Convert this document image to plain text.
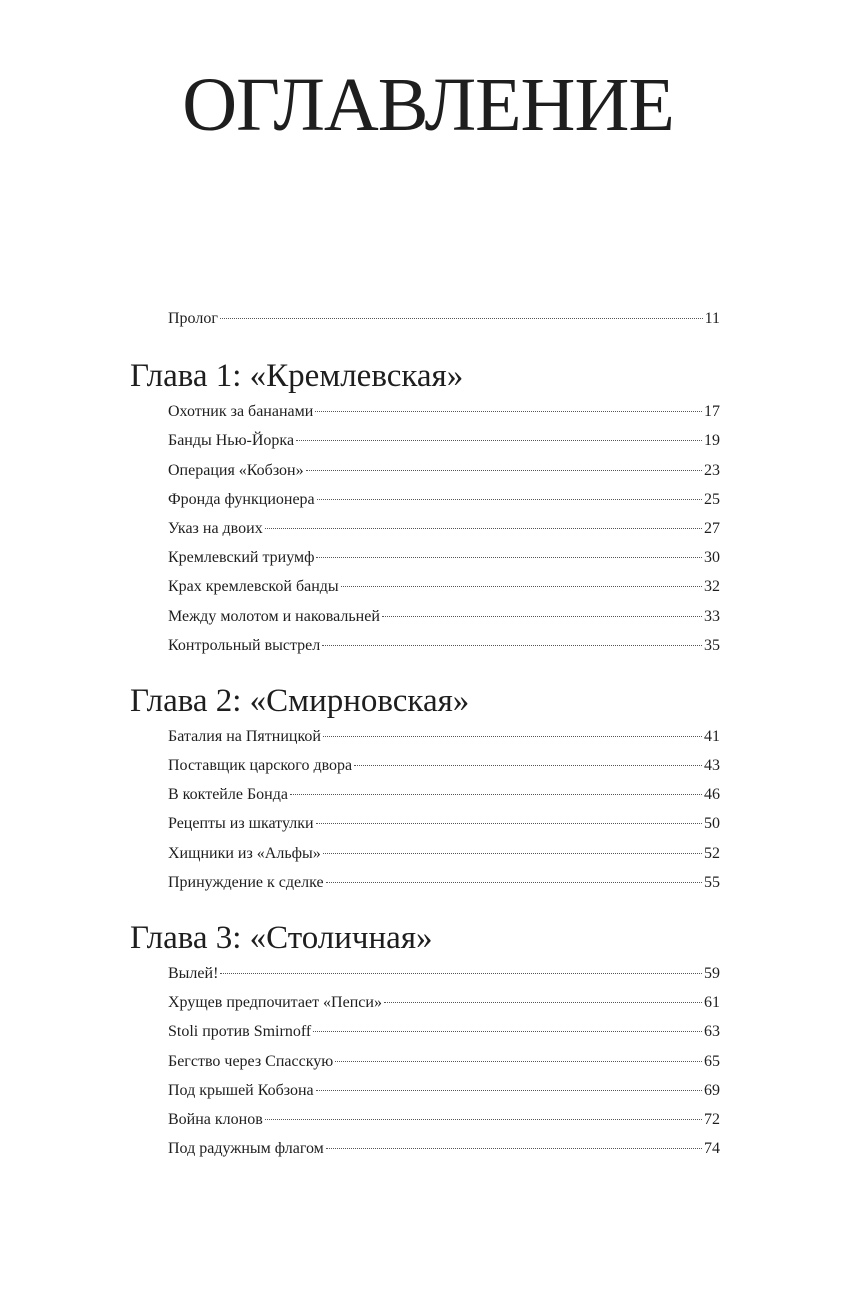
ОГЛАВЛЕНИЕ
Пролог	11
Глава 1: «Кремлевская»
Охотник за бананами	17
Банды Нью-Йорка	19
Операция «Кобзон»	23
Фронда функционера	25
Указ на двоих	27
Кремлевский триумф	30
Крах кремлевской банды	32
Между молотом и наковальней	33
Контрольный выстрел	35
Глава 2: «Смирновская»
Баталия на Пятницкой	41
Поставщик царского двора	43
В коктейле Бонда	46
Рецепты из шкатулки	50
Хищники из «Альфы»	52
Принуждение к сделке	55
Глава 3: «Столичная»
Вылей!	59
Хрущев предпочитает «Пепси»	61
Stoli против Smirnoff	63
Бегство через Спасскую	65
Под крышей Кобзона	69
Война клонов	72
Под радужным флагом	74
